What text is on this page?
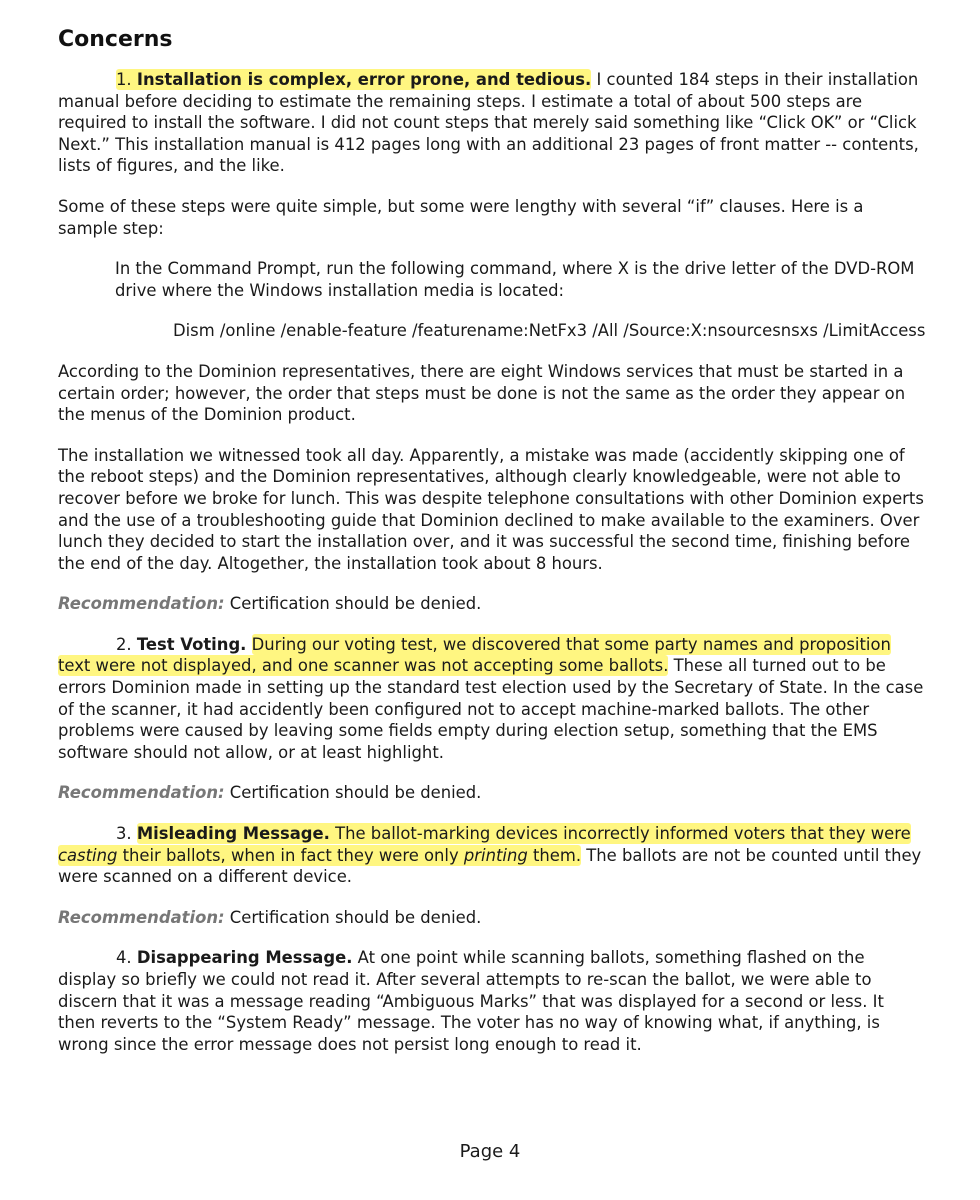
Concerns

1. Installation is complex, error prone, and tedious. I counted 184 steps in their installation manual before deciding to estimate the remaining steps. I estimate a total of about 500 steps are required to install the software. I did not count steps that merely said something like “Click OK” or “Click Next.” This installation manual is 412 pages long with an additional 23 pages of front matter -- contents, lists of figures, and the like.

Some of these steps were quite simple, but some were lengthy with several “if” clauses. Here is a sample step:

In the Command Prompt, run the following command, where X is the drive letter of the DVD-ROM drive where the Windows installation media is located:

Dism /online /enable-feature /featurename:NetFx3 /All /Source:X:nsourcesnsxs /LimitAccess

According to the Dominion representatives, there are eight Windows services that must be started in a certain order; however, the order that steps must be done is not the same as the order they appear on the menus of the Dominion product.

The installation we witnessed took all day. Apparently, a mistake was made (accidently skipping one of the reboot steps) and the Dominion representatives, although clearly knowledgeable, were not able to recover before we broke for lunch. This was despite telephone consultations with other Dominion experts and the use of a troubleshooting guide that Dominion declined to make available to the examiners. Over lunch they decided to start the installation over, and it was successful the second time, finishing before the end of the day. Altogether, the installation took about 8 hours.

Recommendation: Certification should be denied.

2. Test Voting. During our voting test, we discovered that some party names and proposition text were not displayed, and one scanner was not accepting some ballots. These all turned out to be errors Dominion made in setting up the standard test election used by the Secretary of State. In the case of the scanner, it had accidently been configured not to accept machine-marked ballots. The other problems were caused by leaving some fields empty during election setup, something that the EMS software should not allow, or at least highlight.

Recommendation: Certification should be denied.

3. Misleading Message. The ballot-marking devices incorrectly informed voters that they were casting their ballots, when in fact they were only printing them. The ballots are not be counted until they were scanned on a different device.

Recommendation: Certification should be denied.

4. Disappearing Message. At one point while scanning ballots, something flashed on the display so briefly we could not read it. After several attempts to re-scan the ballot, we were able to discern that it was a message reading “Ambiguous Marks” that was displayed for a second or less. It then reverts to the “System Ready” message. The voter has no way of knowing what, if anything, is wrong since the error message does not persist long enough to read it.

Page 4
